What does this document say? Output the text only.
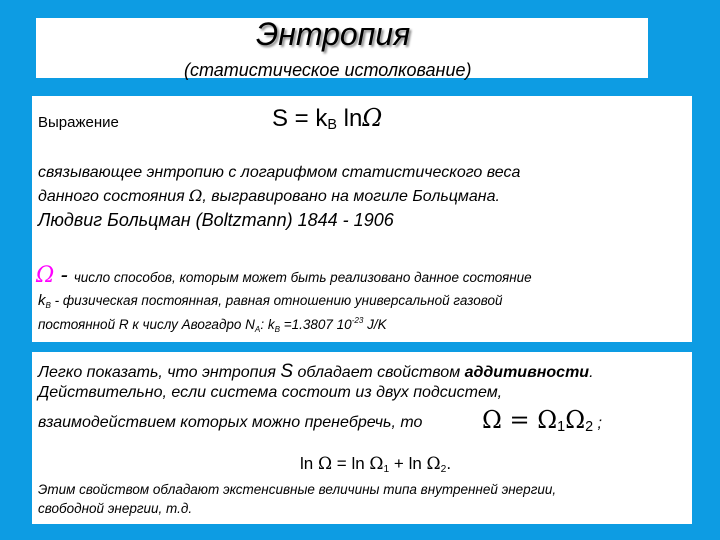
Энтропия
(статистическое истолкование)
Выражение	$S = k_B$ lnΩ
связывающее энтропию с логарифмом статистического веса
данного состояния Ω, выгравировано на могиле Больцмана.
Людвиг Больцман (Boltzmann) 1844 - 1906
Ω - число способов, которым может быть реализовано данное состояние
$k_B$ - физическая постоянная, равная отношению универсальной газовой
постоянной R к числу Авогадро $N_A$: $k_B =1.3807$ $10^{-23}$ J/K
Легко показать, что энтропия S обладает свойством аддитивности.
Действительно, если система состоит из двух подсистем,
взаимодействием которых можно пренебречь, то $\Omega = \Omega_1\Omega_2$ ;
$\ln \Omega = \ln \Omega_1 + \ln \Omega_2$.
Этим свойством обладают экстенсивные величины типа внутренней энергии,
свободной энергии, т.д.
